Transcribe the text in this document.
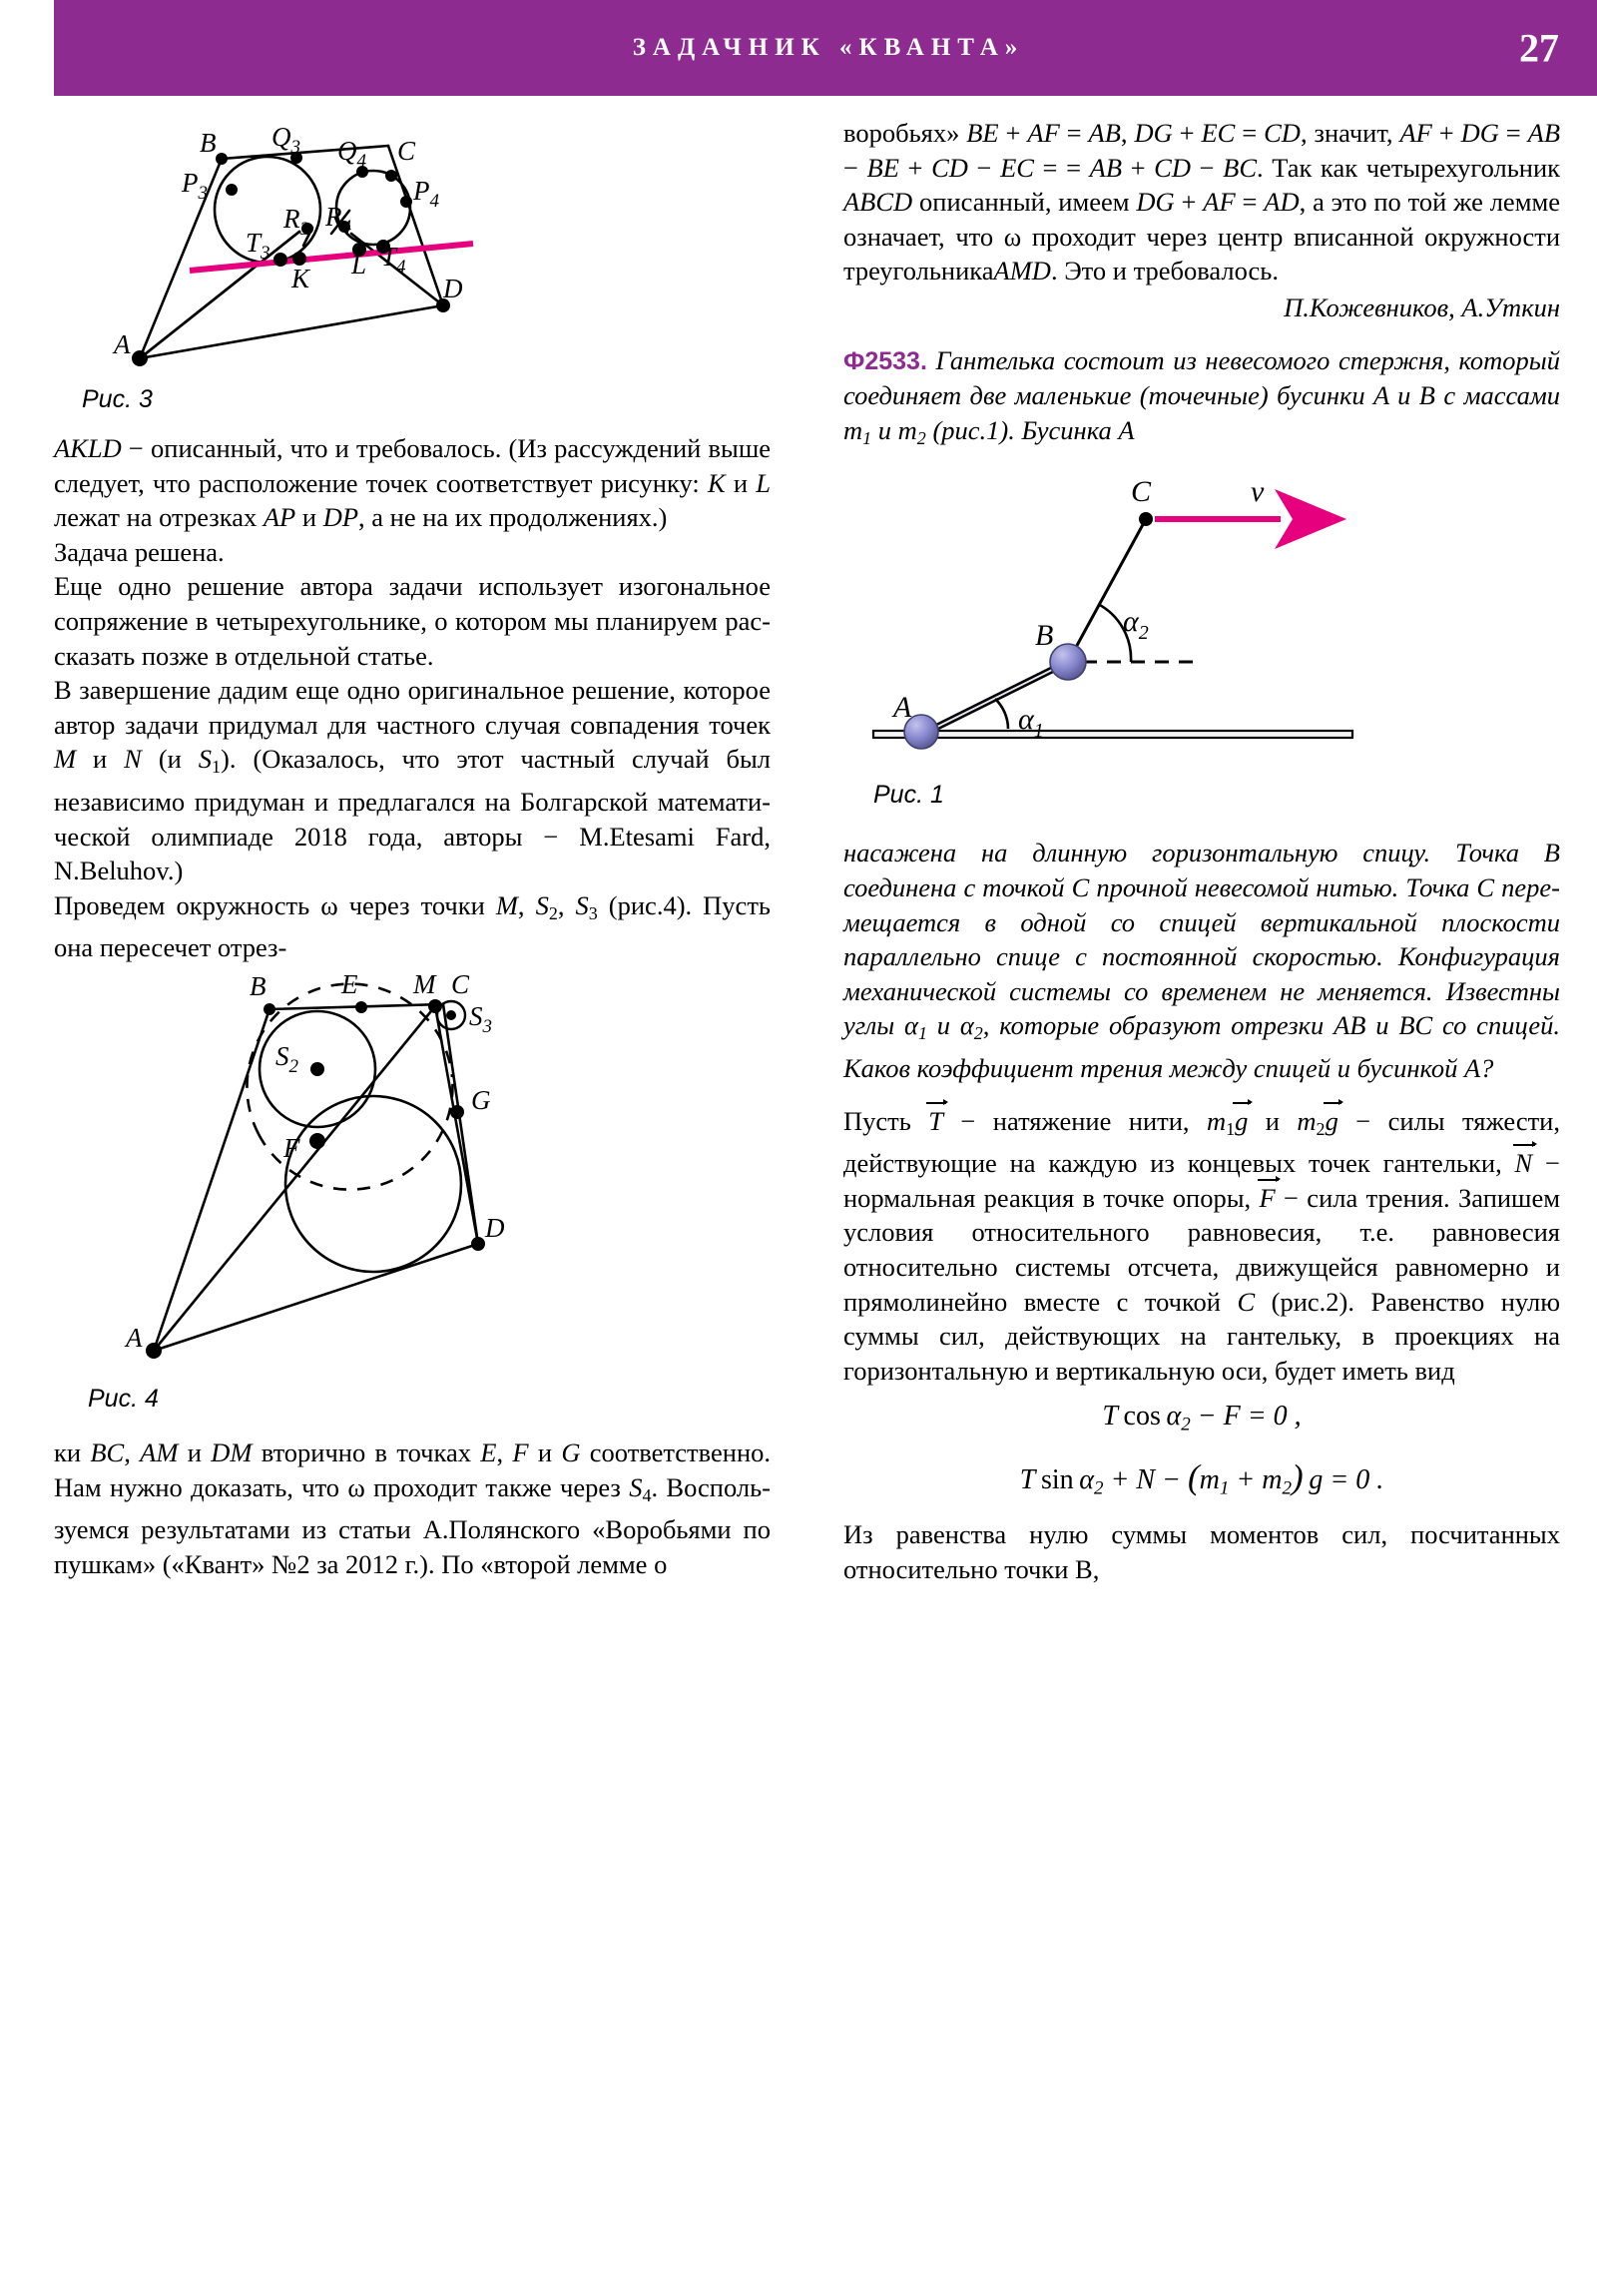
ЗАДАЧНИК «КВАНТА»	27
B $Q_3$ $Q_4$ C
$P_3$	$P_4$
$R_3$ $R_4$
$T_3$	$T_4$
K L
D
A
Рис. 3

AKLD − описанный, что и требовалось. (Из рассуждений выше следует, что расположение точек соответствует рисунку: K и L лежат на отрезках AP и DP, а не на их продолжениях.)

Задача решена.

Еще одно решение автора задачи использует изогональное сопряжение в четырехугольнике, о котором мы планируем рассказать позже в отдельной статье.

В завершение дадим еще одно оригинальное решение, которое автор задачи придумал для частного случая совпадения точек M и N (и $S_1$). (Оказалось, что этот частный случай был независимо придуман и предлагался на Болгарской математической олимпиаде 2018 года, авторы − M.Etesami Fard, N.Beluhov.)

Проведем окружность ω через точки M, $S_2$, $S_3$ (рис.4). Пусть она пересечет отрез-

B	E M C
$S_3$
$S_2$
F
G
D
A
Рис. 4

ки BC, AM и DM вторично в точках E, F и G соответственно. Нам нужно доказать, что ω проходит также через $S_4$. Воспользуемся результатами из статьи А.Полянского «Воробьями по пушкам» («Квант» №2 за 2012 г.). По «второй лемме о

воробьях» BE + AF = AB, DG + EC = CD, значит, AF + DG = AB − BE + CD − EC = = AB + CD − BC. Так как четырехугольник ABCD описанный, имеем DG + AF = AD, а это по той же лемме означает, что ω проходит через центр вписанной окружности треугольникаAMD. Это и требовалось.

П.Кожевников, А.Уткин

Ф2533. Гантелька состоит из невесомого стержня, который соединяет две маленькие (точечные) бусинки A и B с массами $m_1$ и $m_2$ (рис.1). Бусинка A

A
B
C	v
$\alpha_1$
$\alpha_2$
Рис. 1

насажена на длинную горизонтальную спицу. Точка B соединена с точкой C прочной невесомой нитью. Точка C перемещается в одной со спицей вертикальной плоскости параллельно спице с постоянной скоростью. Конфигурация механической системы со временем не меняется. Известны углы $\alpha_1$ и $\alpha_2$, которые образуют отрезки AB и BC со спицей. Каков коэффициент трения между спицей и бусинкой A?

Пусть T − натяжение нити, $m_1g$ и $m_2g$ − силы тяжести, действующие на каждую из концевых точек гантельки, N − нормальная реакция в точке опоры, F − сила трения. Запишем условия относительного равновесия, т.е. равновесия относительно системы отсчета, движущейся равномерно и прямолинейно вместе с точкой C (рис.2). Равенство нулю суммы сил, действующих на гантельку, в проекциях на горизонтальную и вертикальную оси, будет иметь вид

T  $\cos \alpha_2 - F = 0$ ,
T  $\sin \alpha_2 + N - (m_1 + m_2) g = 0$ .

Из равенства нулю суммы моментов сил, посчитанных относительно точки B,
